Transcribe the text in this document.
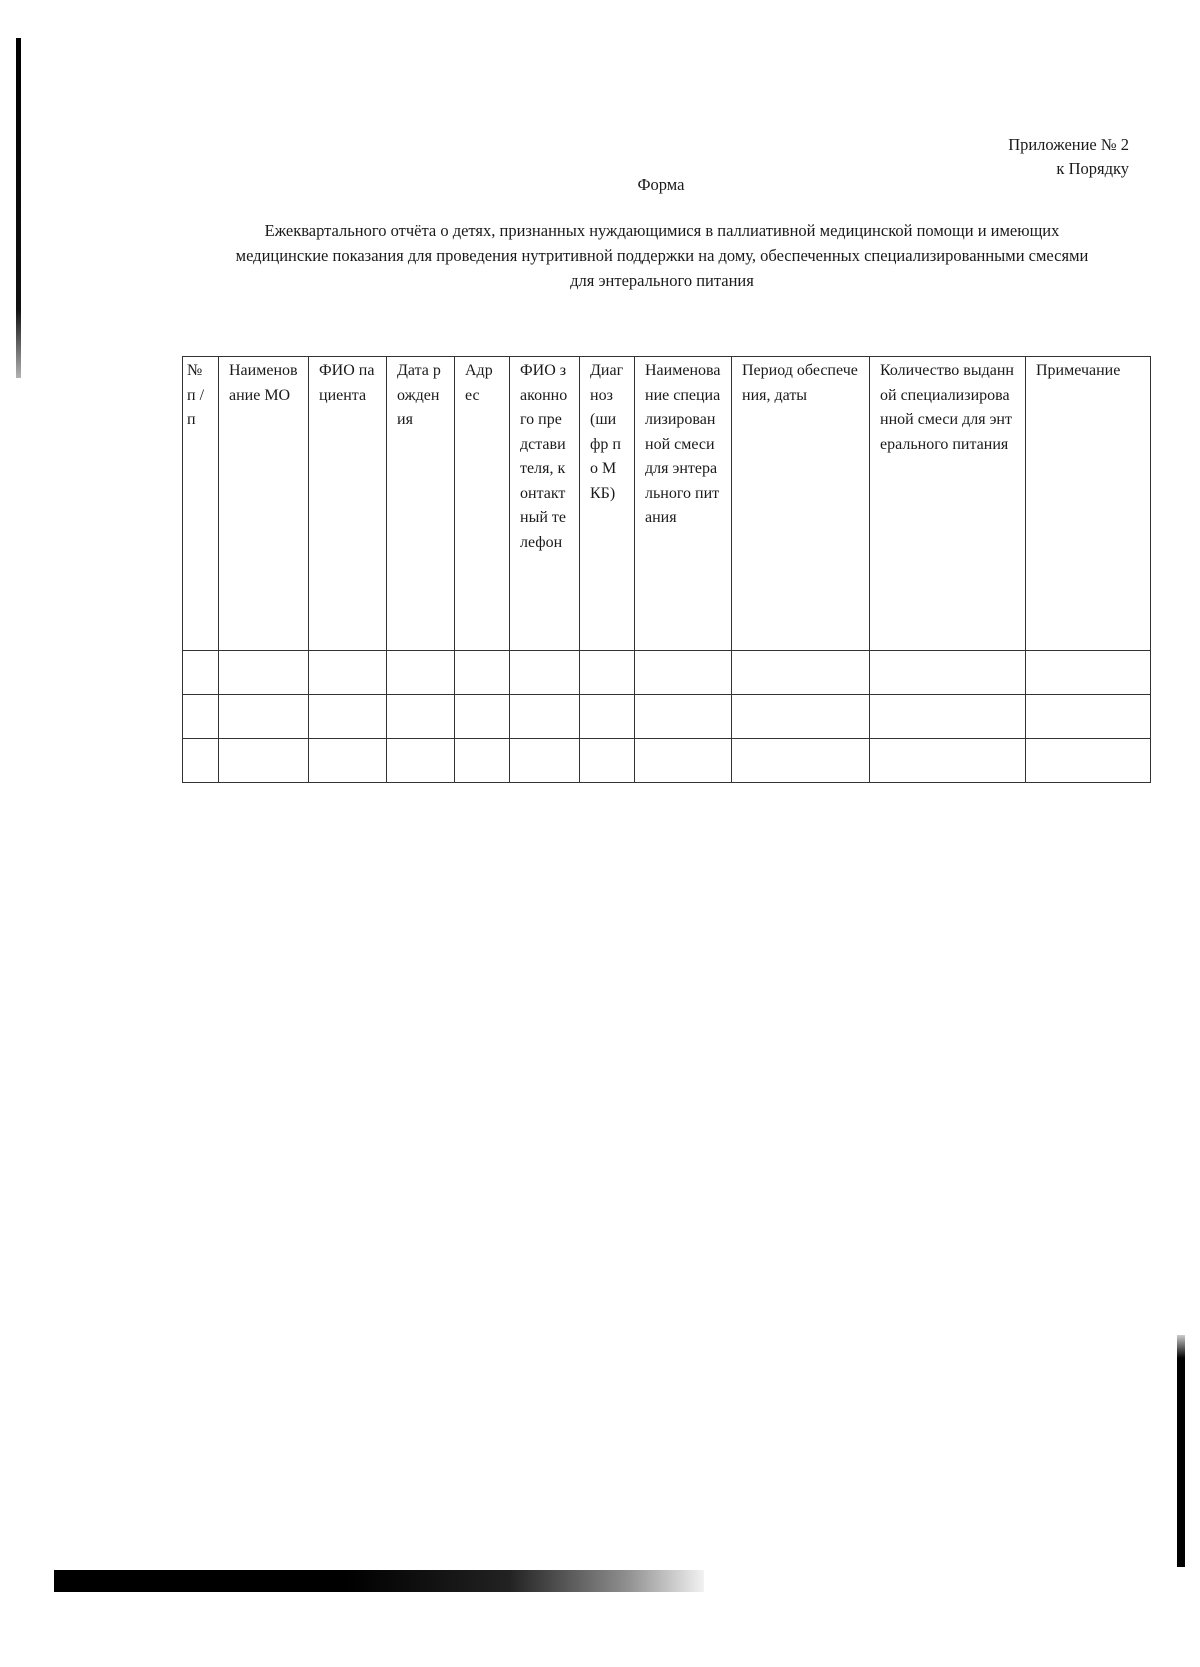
Приложение № 2
к Порядку
Форма
Ежеквартального отчёта о детях, признанных нуждающимися в паллиативной медицинской помощи и имеющих медицинские показания для проведения нутритивной поддержки на дому, обеспеченных специализированными смесями для энтерального питания
№ п / п	Наименование МО	ФИО пациента	Дата рождения	Адрес	ФИО законного представителя, контактный телефон	Диагноз (шифр по МКБ)	Наименование специализированной смеси для энтерального питания	Период обеспечения, даты	Количество выданной специализированной смеси для энтерального питания	Примечание
